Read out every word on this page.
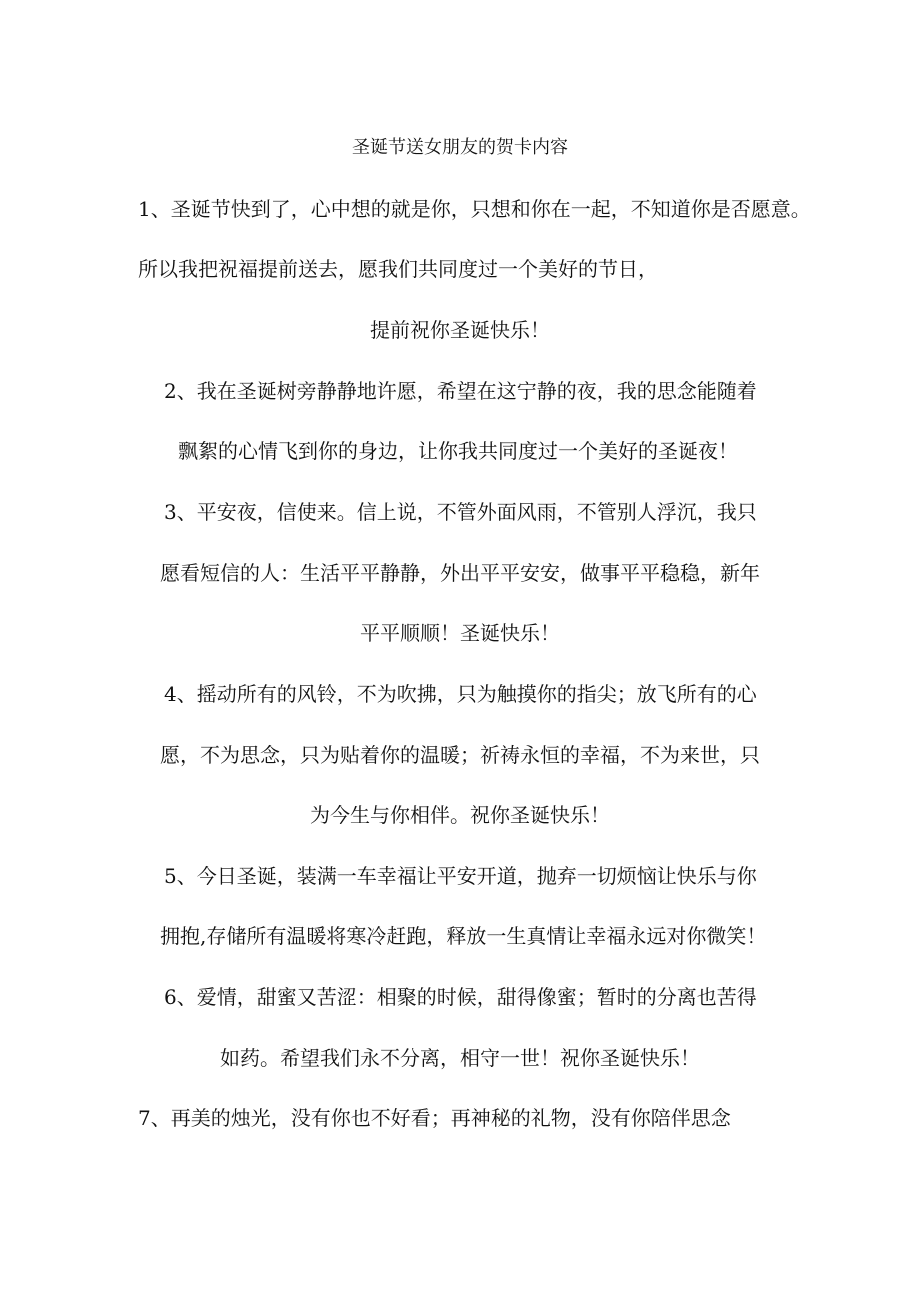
圣诞节送女朋友的贺卡内容
1、圣诞节快到了，心中想的就是你，只想和你在一起，不知道你是否愿意。
所以我把祝福提前送去，愿我们共同度过一个美好的节日，
提前祝你圣诞快乐！
2、我在圣诞树旁静静地许愿，希望在这宁静的夜，我的思念能随着
飘絮的心情飞到你的身边，让你我共同度过一个美好的圣诞夜！
3、平安夜，信使来。信上说，不管外面风雨，不管别人浮沉，我只
愿看短信的人：生活平平静静，外出平平安安，做事平平稳稳，新年
平平顺顺！圣诞快乐！
4、摇动所有的风铃，不为吹拂，只为触摸你的指尖；放飞所有的心
愿，不为思念，只为贴着你的温暖；祈祷永恒的幸福，不为来世，只
为今生与你相伴。祝你圣诞快乐！
5、今日圣诞，装满一车幸福让平安开道，抛弃一切烦恼让快乐与你
拥抱,存储所有温暖将寒冷赶跑，释放一生真情让幸福永远对你微笑！
6、爱情，甜蜜又苦涩：相聚的时候，甜得像蜜；暂时的分离也苦得
如药。希望我们永不分离，相守一世！祝你圣诞快乐！
7、再美的烛光，没有你也不好看；再神秘的礼物，没有你陪伴思念
